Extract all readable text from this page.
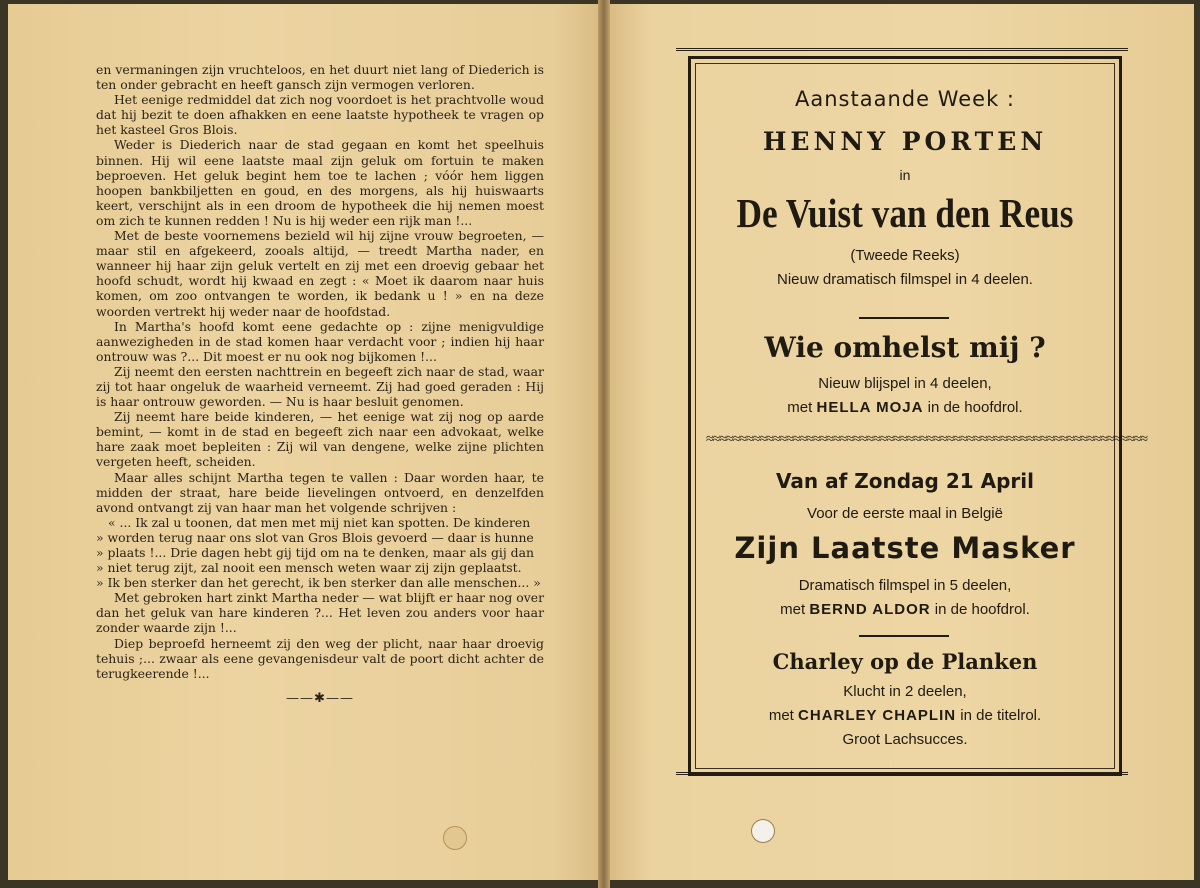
en vermaningen zijn vruchteloos, en het duurt niet lang of Diederich is ten onder gebracht en heeft gansch zijn vermogen verloren.

Het eenige redmiddel dat zich nog voordoet is het prachtvolle woud dat hij bezit te doen afhakken en eene laatste hypotheek te vragen op het kasteel Gros Blois.

Weder is Diederich naar de stad gegaan en komt het speelhuis binnen. Hij wil eene laatste maal zijn geluk om fortuin te maken beproeven. Het geluk begint hem toe te lachen ; vóór hem liggen hoopen bankbiljetten en goud, en des morgens, als hij huiswaarts keert, verschijnt als in een droom de hypotheek die hij nemen moest om zich te kunnen redden ! Nu is hij weder een rijk man !...

Met de beste voornemens bezield wil hij zijne vrouw begroeten, — maar stil en afgekeerd, zooals altijd, — treedt Martha nader, en wanneer hij haar zijn geluk vertelt en zij met een droevig gebaar het hoofd schudt, wordt hij kwaad en zegt : « Moet ik daarom naar huis komen, om zoo ontvangen te worden, ik bedank u ! » en na deze woorden vertrekt hij weder naar de hoofdstad.

In Martha's hoofd komt eene gedachte op : zijne menigvuldige aanwezigheden in de stad komen haar verdacht voor ; indien hij haar ontrouw was ?... Dit moest er nu ook nog bijkomen !...

Zij neemt den eersten nachttrein en begeeft zich naar de stad, waar zij tot haar ongeluk de waarheid verneemt. Zij had goed geraden : Hij is haar ontrouw geworden. — Nu is haar besluit genomen.

Zij neemt hare beide kinderen, — het eenige wat zij nog op aarde bemint, — komt in de stad en begeeft zich naar een advokaat, welke hare zaak moet bepleiten : Zij wil van dengene, welke zijne plichten vergeten heeft, scheiden.

Maar alles schijnt Martha tegen te vallen : Daar worden haar, te midden der straat, hare beide lievelingen ontvoerd, en denzelfden avond ontvangt zij van haar man het volgende schrijven :

« ... Ik zal u toonen, dat men met mij niet kan spotten. De kinderen

» worden terug naar ons slot van Gros Blois gevoerd — daar is hunne

» plaats !... Drie dagen hebt gij tijd om na te denken, maar als gij dan

» niet terug zijt, zal nooit een mensch weten waar zij zijn geplaatst.

» Ik ben sterker dan het gerecht, ik ben sterker dan alle menschen... »

Met gebroken hart zinkt Martha neder — wat blijft er haar nog over dan het geluk van hare kinderen ?... Het leven zou anders voor haar zonder waarde zijn !...

Diep beproefd herneemt zij den weg der plicht, naar haar droevig tehuis ;... zwaar als eene gevangenisdeur valt de poort dicht achter de terugkeerende !...

——✱——
Aanstaande Week :
HENNY PORTEN
in
De Vuist van den Reus
(Tweede Reeks)
Nieuw dramatisch filmspel in 4 deelen.
Wie omhelst mij ?
Nieuw blijspel in 4 deelen,
met HELLA MOJA in de hoofdrol.
Van af Zondag 21 April
Voor de eerste maal in België
Zijn Laatste Masker
Dramatisch filmspel in 5 deelen,
met BERND ALDOR in de hoofdrol.
Charley op de Planken
Klucht in 2 deelen,
met CHARLEY CHAPLIN in de titelrol.
Groot Lachsucces.
≈≈≈≈≈≈≈≈≈≈≈≈≈≈≈≈≈≈≈≈≈≈≈≈≈≈≈≈≈≈≈≈≈≈≈≈≈≈≈≈≈≈≈≈≈≈≈≈≈≈≈≈≈≈≈≈≈≈≈≈≈≈≈≈≈≈
